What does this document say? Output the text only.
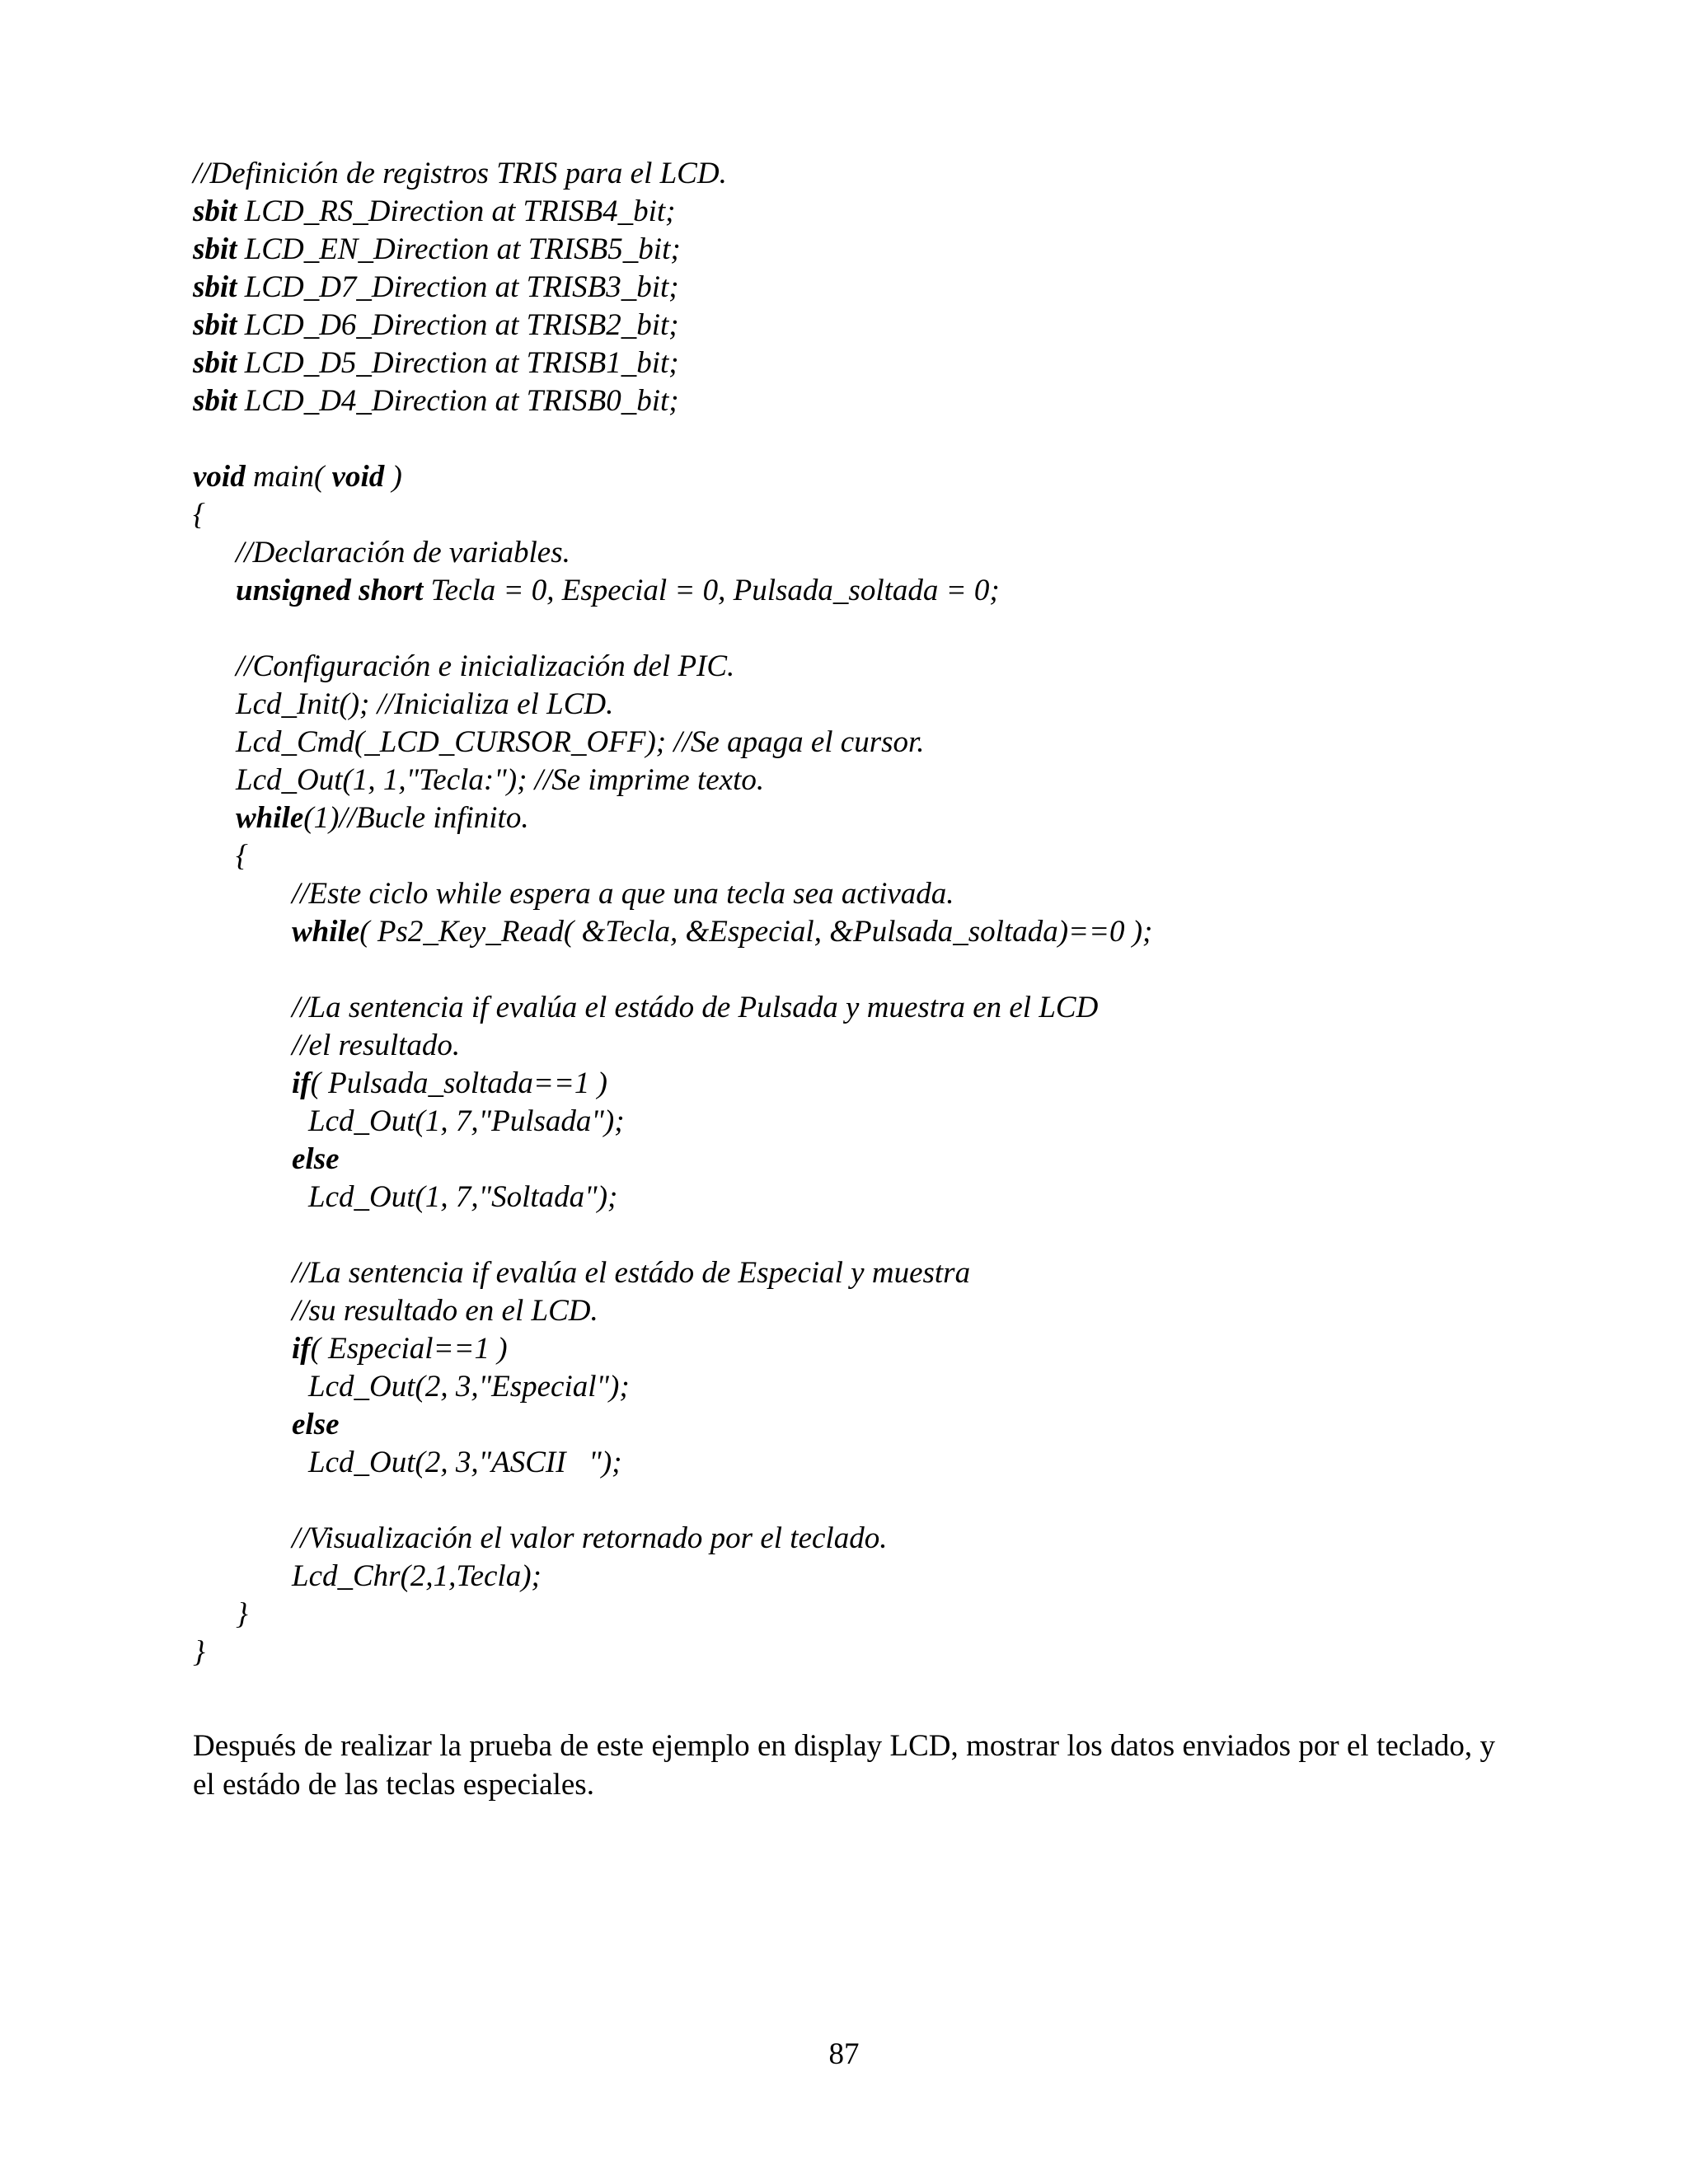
//Definición de registros TRIS para el LCD.
sbit LCD_RS_Direction at TRISB4_bit;
sbit LCD_EN_Direction at TRISB5_bit;
sbit LCD_D7_Direction at TRISB3_bit;
sbit LCD_D6_Direction at TRISB2_bit;
sbit LCD_D5_Direction at TRISB1_bit;
sbit LCD_D4_Direction at TRISB0_bit;
void main( void )
{
//Declaración de variables.
unsigned short Tecla = 0, Especial = 0, Pulsada_soltada = 0;
//Configuración e inicialización del PIC.
Lcd_Init(); //Inicializa el LCD.
Lcd_Cmd(_LCD_CURSOR_OFF); //Se apaga el cursor.
Lcd_Out(1, 1,"Tecla:"); //Se imprime texto.
while(1)//Bucle infinito.
{
//Este ciclo while espera a que una tecla sea activada.
while( Ps2_Key_Read( &Tecla, &Especial, &Pulsada_soltada)==0 );
//La sentencia if evalúa el estádo de Pulsada y muestra en el LCD
//el resultado.
if( Pulsada_soltada==1 )
Lcd_Out(1, 7,"Pulsada");
else
Lcd_Out(1, 7,"Soltada");
//La sentencia if evalúa el estádo de Especial y muestra
//su resultado en el LCD.
if( Especial==1 )
Lcd_Out(2, 3,"Especial");
else
Lcd_Out(2, 3,"ASCII   ");
//Visualización el valor retornado por el teclado.
Lcd_Chr(2,1,Tecla);
}
}

Después de realizar la prueba de este ejemplo en display LCD, mostrar los datos enviados por el teclado, y el estádo de las teclas especiales.

87
